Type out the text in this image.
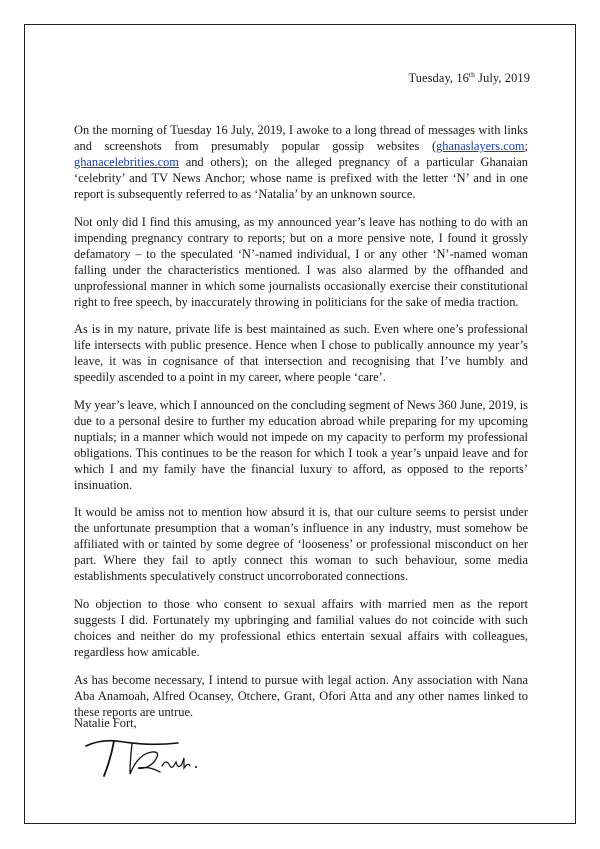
Tuesday, 16th July, 2019

On the morning of Tuesday 16 July, 2019, I awoke to a long thread of messages with links and screenshots from presumably popular gossip websites (ghanaslayers.com; ghanacelebrities.com and others); on the alleged pregnancy of a particular Ghanaian ‘celebrity’ and TV News Anchor; whose name is prefixed with the letter ‘N’ and in one report is subsequently referred to as ‘Natalia’ by an unknown source.

Not only did I find this amusing, as my announced year’s leave has nothing to do with an impending pregnancy contrary to reports; but on a more pensive note, I found it grossly defamatory – to the speculated ‘N’-named individual, I or any other ‘N’-named woman falling under the characteristics mentioned. I was also alarmed by the offhanded and unprofessional manner in which some journalists occasionally exercise their constitutional right to free speech, by inaccurately throwing in politicians for the sake of media traction.

As is in my nature, private life is best maintained as such. Even where one’s professional life intersects with public presence. Hence when I chose to publically announce my year’s leave, it was in cognisance of that intersection and recognising that I’ve humbly and speedily ascended to a point in my career, where people ‘care’.

My year’s leave, which I announced on the concluding segment of News 360 June, 2019, is due to a personal desire to further my education abroad while preparing for my upcoming nuptials; in a manner which would not impede on my capacity to perform my professional obligations. This continues to be the reason for which I took a year’s unpaid leave and for which I and my family have the financial luxury to afford, as opposed to the reports’ insinuation.

It would be amiss not to mention how absurd it is, that our culture seems to persist under the unfortunate presumption that a woman’s influence in any industry, must somehow be affiliated with or tainted by some degree of ‘looseness’ or professional misconduct on her part. Where they fail to aptly connect this woman to such behaviour, some media establishments speculatively construct uncorroborated connections.

No objection to those who consent to sexual affairs with married men as the report suggests I did. Fortunately my upbringing and familial values do not coincide with such choices and neither do my professional ethics entertain sexual affairs with colleagues, regardless how amicable.

As has become necessary, I intend to pursue with legal action. Any association with Nana Aba Anamoah, Alfred Ocansey, Otchere, Grant, Ofori Atta and any other names linked to these reports are untrue.

Natalie Fort,
